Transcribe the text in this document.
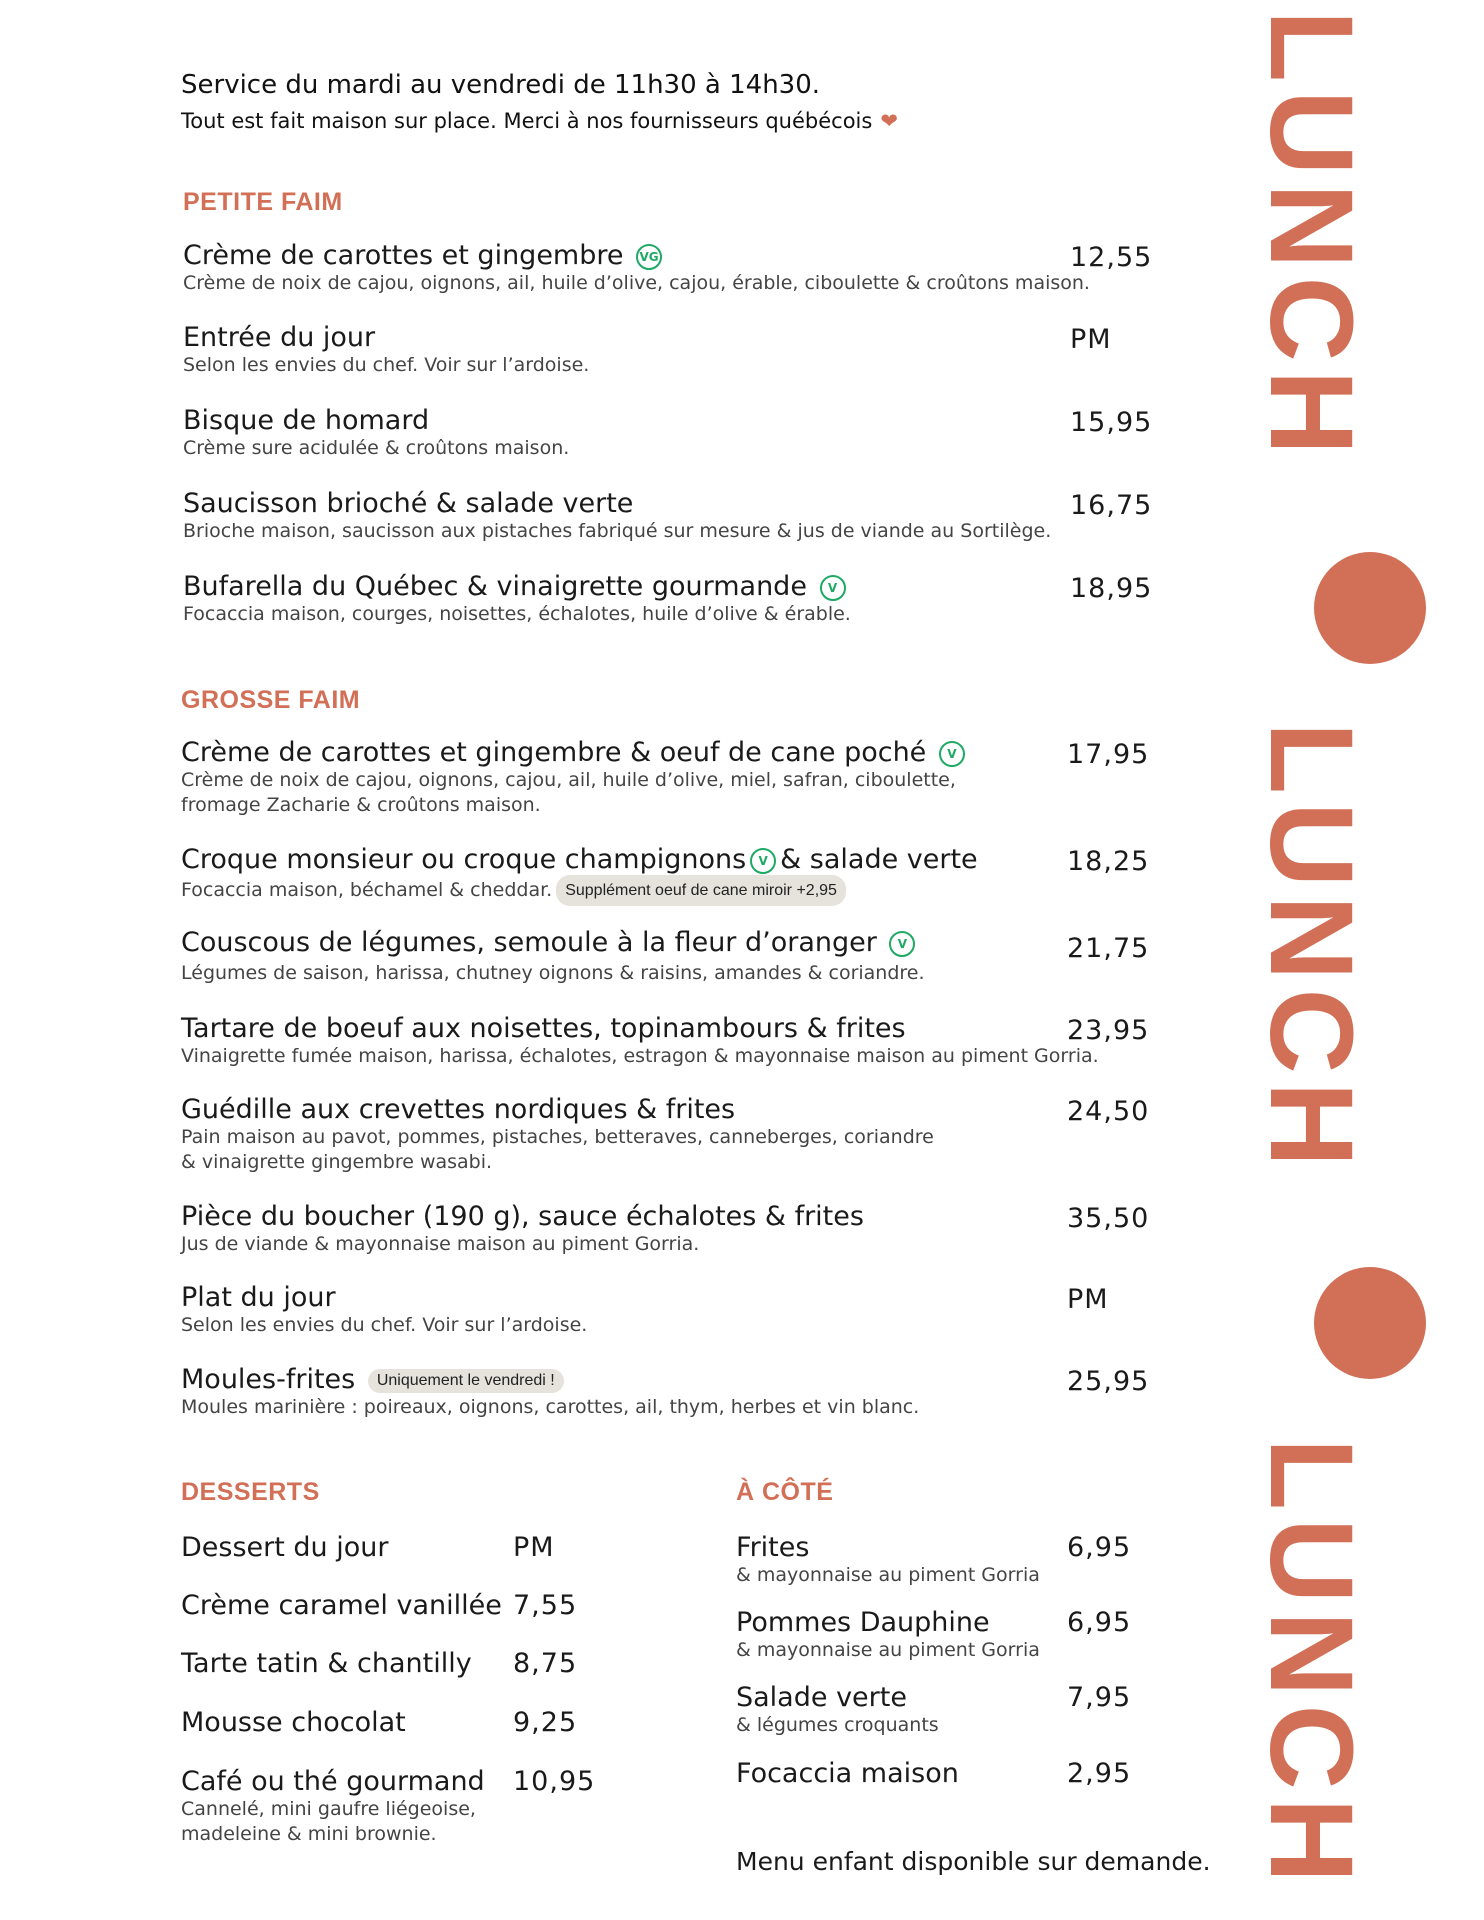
Service du mardi au vendredi de 11h30 à 14h30.
Tout est fait maison sur place. Merci à nos fournisseurs québécois ❤
PETITE FAIM
Crème de carottes et gingembre VG
Crème de noix de cajou, oignons, ail, huile d’olive, cajou, érable, ciboulette & croûtons maison.
12,55
Entrée du jour
Selon les envies du chef. Voir sur l’ardoise.
PM
Bisque de homard
Crème sure acidulée & croûtons maison.
15,95
Saucisson brioché & salade verte
Brioche maison, saucisson aux pistaches fabriqué sur mesure & jus de viande au Sortilège.
16,75
Bufarella du Québec & vinaigrette gourmande V
Focaccia maison, courges, noisettes, échalotes, huile d’olive & érable.
18,95
GROSSE FAIM
Crème de carottes et gingembre & oeuf de cane poché V
Crème de noix de cajou, oignons, cajou, ail, huile d’olive, miel, safran, ciboulette,
fromage Zacharie & croûtons maison.
17,95
Croque monsieur ou croque champignons V & salade verte
Focaccia maison, béchamel & cheddar. Supplément oeuf de cane miroir +2,95
18,25
Couscous de légumes, semoule à la fleur d’oranger V
Légumes de saison, harissa, chutney oignons & raisins, amandes & coriandre.
21,75
Tartare de boeuf aux noisettes, topinambours & frites
Vinaigrette fumée maison, harissa, échalotes, estragon & mayonnaise maison au piment Gorria.
23,95
Guédille aux crevettes nordiques & frites
Pain maison au pavot, pommes, pistaches, betteraves, canneberges, coriandre
& vinaigrette gingembre wasabi.
24,50
Pièce du boucher (190 g), sauce échalotes & frites
Jus de viande & mayonnaise maison au piment Gorria.
35,50
Plat du jour
Selon les envies du chef. Voir sur l’ardoise.
PM
Moules-frites Uniquement le vendredi !
Moules marinière : poireaux, oignons, carottes, ail, thym, herbes et vin blanc.
25,95
DESSERTS
Dessert du jour	PM
Crème caramel vanillée 7,55
Tarte tatin & chantilly 8,75
Mousse chocolat	9,25
Café ou thé gourmand
Cannelé, mini gaufre liégeoise,
madeleine & mini brownie.
10,95
À CÔTÉ
Frites
& mayonnaise au piment Gorria
6,95
Pommes Dauphine
& mayonnaise au piment Gorria
6,95
Salade verte
& légumes croquants
7,95
Focaccia maison	2,95
Menu enfant disponible sur demande.
LUNCH
LUNCH
LUNCH
